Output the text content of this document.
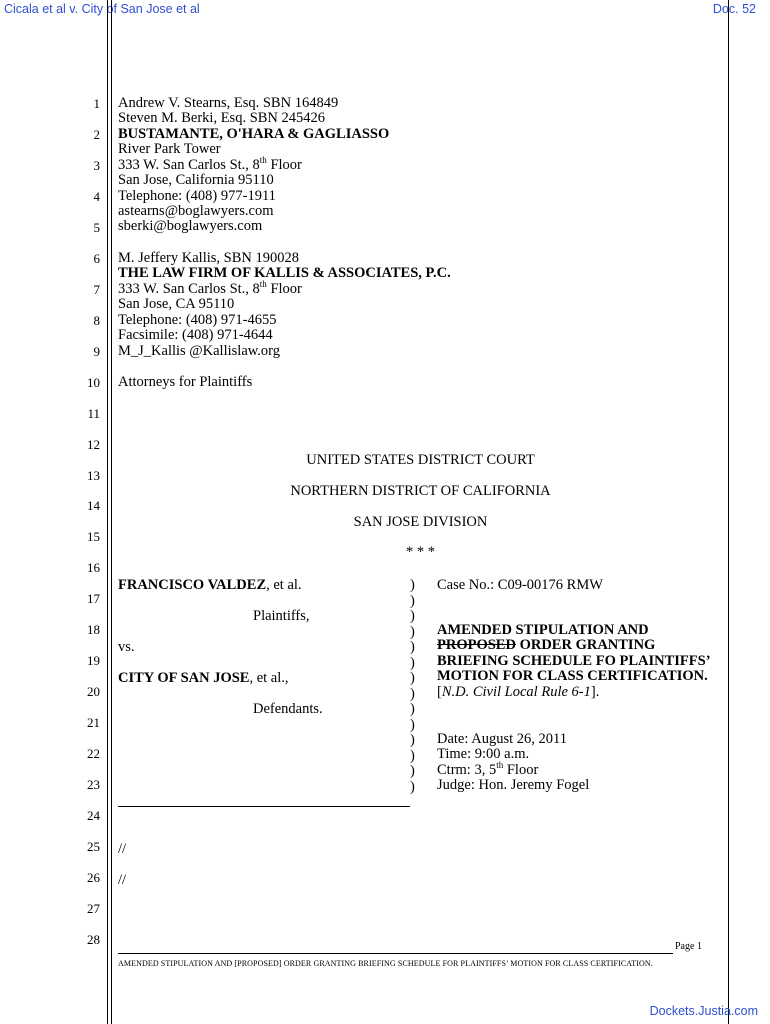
Cicala et al v. City of San Jose et al	Doc. 52
1
2
3
4
5
6
7
8
9
10
11
12
13
14
15
16
17
18
19
20
21
22
23
24
25
26
27
28
Andrew V. Stearns, Esq. SBN 164849
Steven M. Berki, Esq. SBN 245426
BUSTAMANTE, O'HARA & GAGLIASSO
River Park Tower
333 W. San Carlos St., 8th Floor
San Jose, California 95110
Telephone: (408) 977-1911
astearns@boglawyers.com
sberki@boglawyers.com
M. Jeffery Kallis, SBN 190028
THE LAW FIRM OF KALLIS & ASSOCIATES, P.C.
333 W. San Carlos St., 8th Floor
San Jose, CA 95110
Telephone: (408) 971-4655
Facsimile: (408) 971-4644
M_J_Kallis @Kallislaw.org
Attorneys for Plaintiffs
UNITED STATES DISTRICT COURT
NORTHERN DISTRICT OF CALIFORNIA
SAN JOSE DIVISION
* * *
FRANCISCO VALDEZ, et al.
Plaintiffs,
vs.
CITY OF SAN JOSE, et al.,
Defendants.
)
)
)
)
)
)
)
)
)
)
)
)
)
)
Case No.: C09-00176 RMW
AMENDED STIPULATION AND
PROPOSED ORDER GRANTING
BRIEFING SCHEDULE FO PLAINTIFFS’
MOTION FOR CLASS CERTIFICATION.
[N.D. Civil Local Rule 6-1].
Date: August 26, 2011
Time: 9:00 a.m.
Ctrm: 3, 5th Floor
Judge: Hon. Jeremy Fogel
//
//
Page 1
AMENDED STIPULATION AND [PROPOSED] ORDER GRANTING BRIEFING SCHEDULE FOR PLAINTIFFS’ MOTION FOR CLASS CERTIFICATION.
Dockets.Justia.com
